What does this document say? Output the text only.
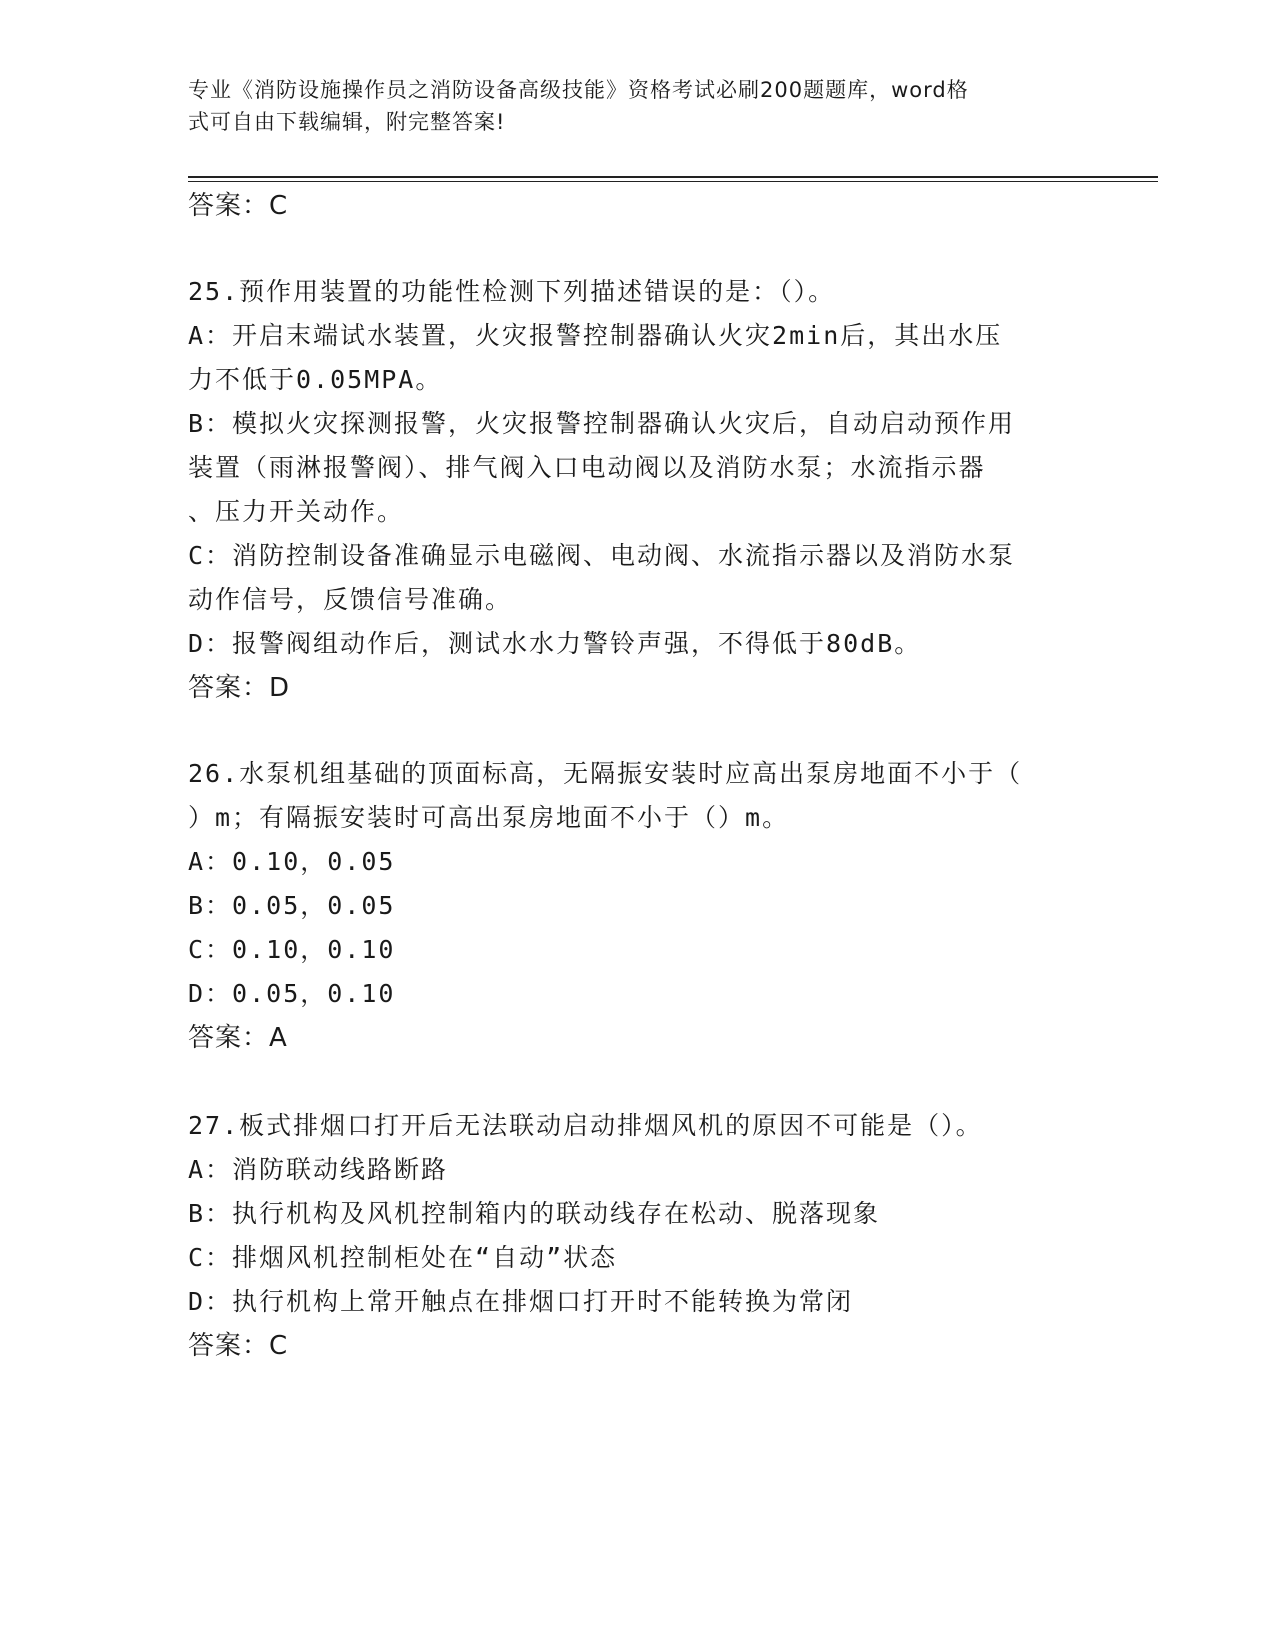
专业《消防设施操作员之消防设备高级技能》资格考试必刷200题题库，word格
式可自由下载编辑，附完整答案!
答案：C
25.预作用装置的功能性检测下列描述错误的是：（）。
A：开启末端试水装置，火灾报警控制器确认火灾2min后，其出水压
力不低于0.05MPA。
B：模拟火灾探测报警，火灾报警控制器确认火灾后，自动启动预作用
装置（雨淋报警阀）、排气阀入口电动阀以及消防水泵；水流指示器
、压力开关动作。
C：消防控制设备准确显示电磁阀、电动阀、水流指示器以及消防水泵
动作信号，反馈信号准确。
D：报警阀组动作后，测试水水力警铃声强，不得低于80dB。
答案：D
26.水泵机组基础的顶面标高，无隔振安装时应高出泵房地面不小于（
）m；有隔振安装时可高出泵房地面不小于（）m。
A：0.10，0.05
B：0.05，0.05
C：0.10，0.10
D：0.05，0.10
答案：A
27.板式排烟口打开后无法联动启动排烟风机的原因不可能是（）。
A：消防联动线路断路
B：执行机构及风机控制箱内的联动线存在松动、脱落现象
C：排烟风机控制柜处在“自动”状态
D：执行机构上常开触点在排烟口打开时不能转换为常闭
答案：C
